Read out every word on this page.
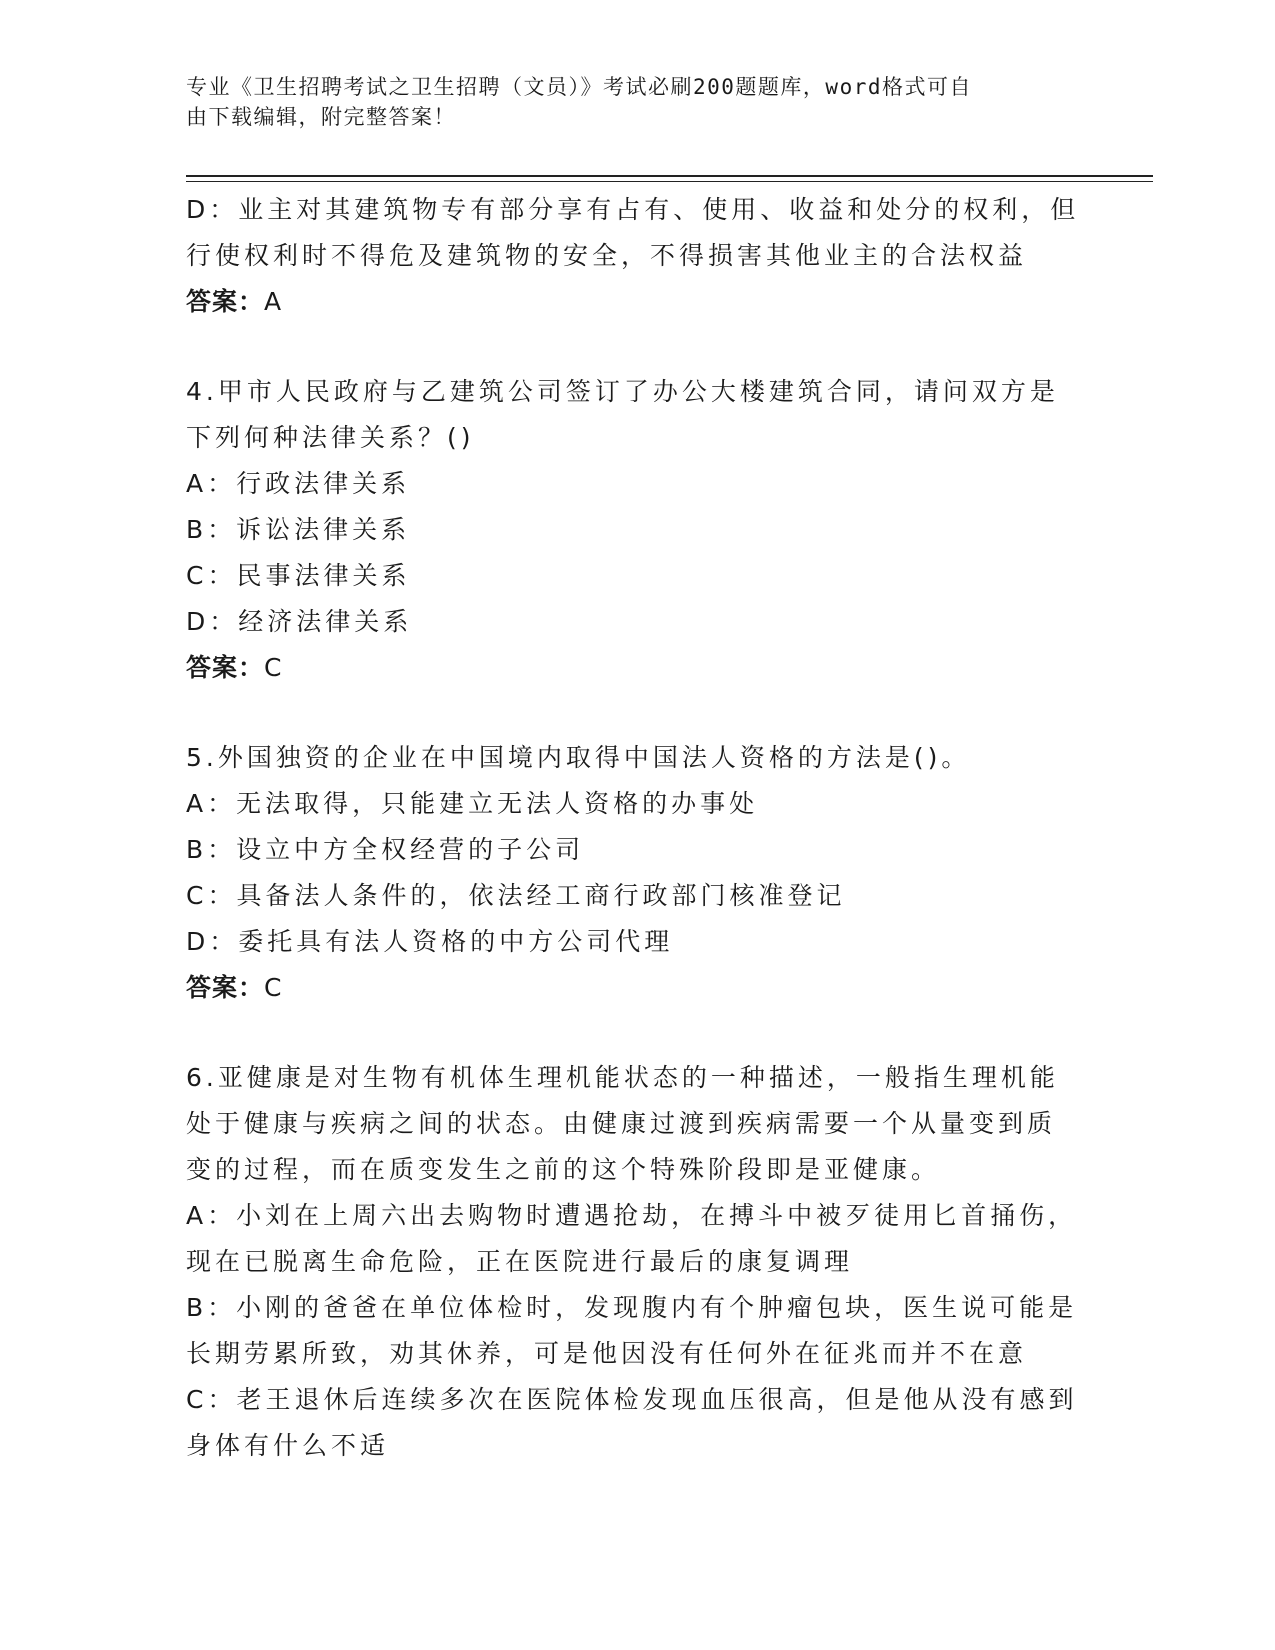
专业《卫生招聘考试之卫生招聘（文员）》考试必刷200题题库，word格式可自
由下载编辑，附完整答案！
D：业主对其建筑物专有部分享有占有、使用、收益和处分的权利，但
行使权利时不得危及建筑物的安全，不得损害其他业主的合法权益
答案：A
4.甲市人民政府与乙建筑公司签订了办公大楼建筑合同，请问双方是
下列何种法律关系？()
A：行政法律关系
B：诉讼法律关系
C：民事法律关系
D：经济法律关系
答案：C
5.外国独资的企业在中国境内取得中国法人资格的方法是()。
A：无法取得，只能建立无法人资格的办事处
B：设立中方全权经营的子公司
C：具备法人条件的，依法经工商行政部门核准登记
D：委托具有法人资格的中方公司代理
答案：C
6.亚健康是对生物有机体生理机能状态的一种描述，一般指生理机能
处于健康与疾病之间的状态。由健康过渡到疾病需要一个从量变到质
变的过程，而在质变发生之前的这个特殊阶段即是亚健康。
A：小刘在上周六出去购物时遭遇抢劫，在搏斗中被歹徒用匕首捅伤，
现在已脱离生命危险，正在医院进行最后的康复调理
B：小刚的爸爸在单位体检时，发现腹内有个肿瘤包块，医生说可能是
长期劳累所致，劝其休养，可是他因没有任何外在征兆而并不在意
C：老王退休后连续多次在医院体检发现血压很高，但是他从没有感到
身体有什么不适
